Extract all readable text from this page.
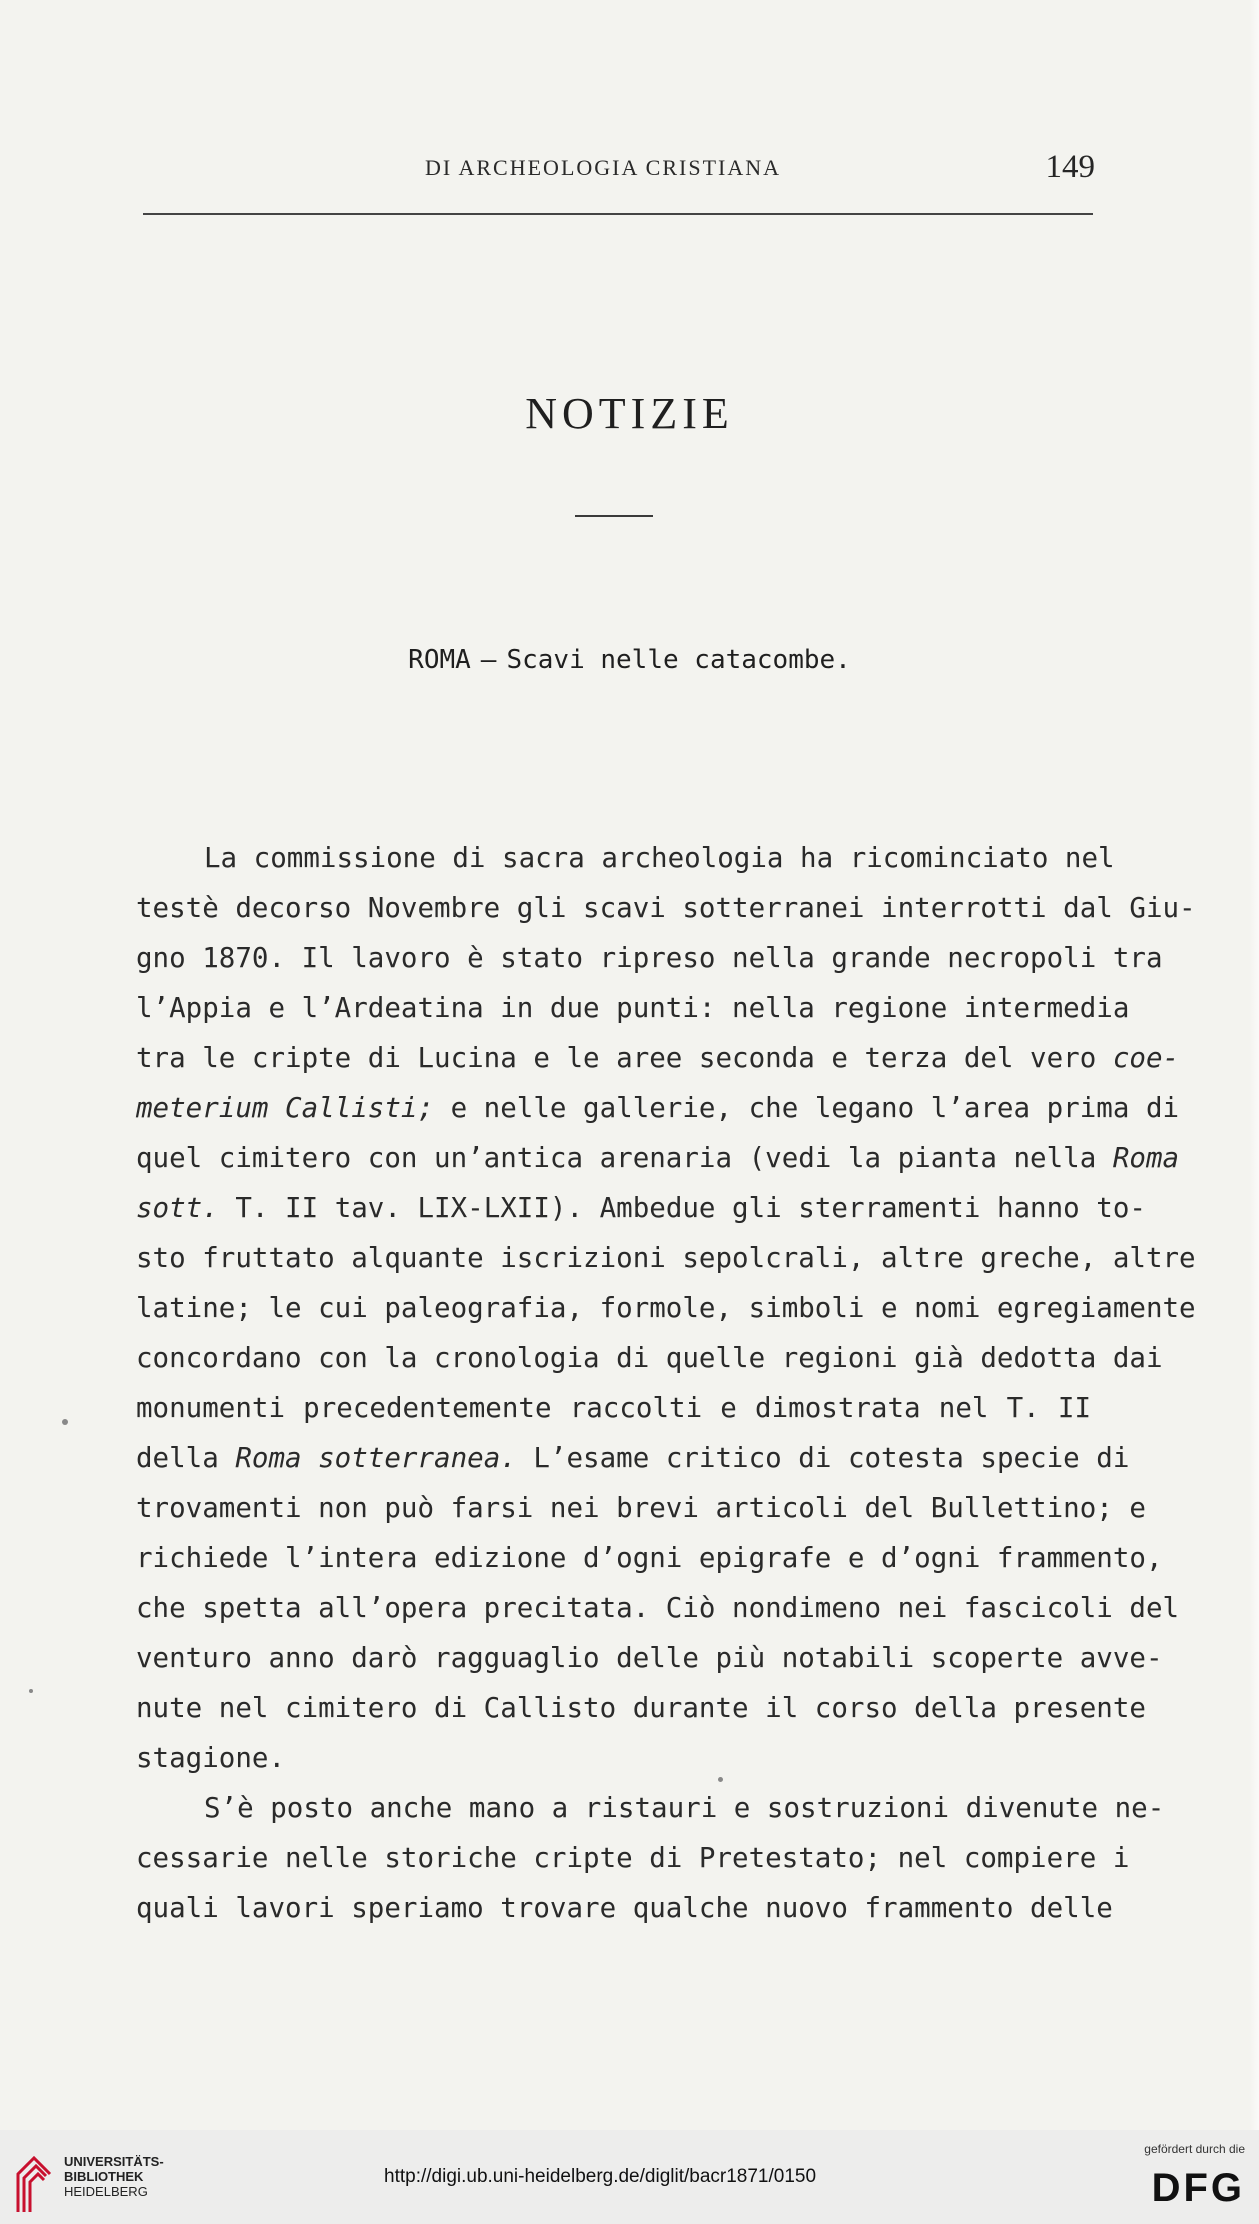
DI ARCHEOLOGIA CRISTIANA	149
NOTIZIE
ROMA — Scavi nelle catacombe.
La commissione di sacra archeologia ha ricominciato nel
testè decorso Novembre gli scavi sotterranei interrotti dal Giu-
gno 1870. Il lavoro è stato ripreso nella grande necropoli tra
l’Appia e l’Ardeatina in due punti: nella regione intermedia
tra le cripte di Lucina e le aree seconda e terza del vero coe-
meterium Callisti; e nelle gallerie, che legano l’area prima di
quel cimitero con un’antica arenaria (vedi la pianta nella Roma
sott. T. II tav. LIX-LXII). Ambedue gli sterramenti hanno to-
sto fruttato alquante iscrizioni sepolcrali, altre greche, altre
latine; le cui paleografia, formole, simboli e nomi egregiamente
concordano con la cronologia di quelle regioni già dedotta dai
monumenti precedentemente raccolti e dimostrata nel T. II
della Roma sotterranea. L’esame critico di cotesta specie di
trovamenti non può farsi nei brevi articoli del Bullettino; e
richiede l’intera edizione d’ogni epigrafe e d’ogni frammento,
che spetta all’opera precitata. Ciò nondimeno nei fascicoli del
venturo anno darò ragguaglio delle più notabili scoperte avve-
nute nel cimitero di Callisto durante il corso della presente
stagione.
S’è posto anche mano a ristauri e sostruzioni divenute ne-
cessarie nelle storiche cripte di Pretestato; nel compiere i
quali lavori speriamo trovare qualche nuovo frammento delle
UNIVERSITÄTS-
BIBLIOTHEK
HEIDELBERG
http://digi.ub.uni-heidelberg.de/diglit/bacr1871/0150
gefördert durch die
DFG
